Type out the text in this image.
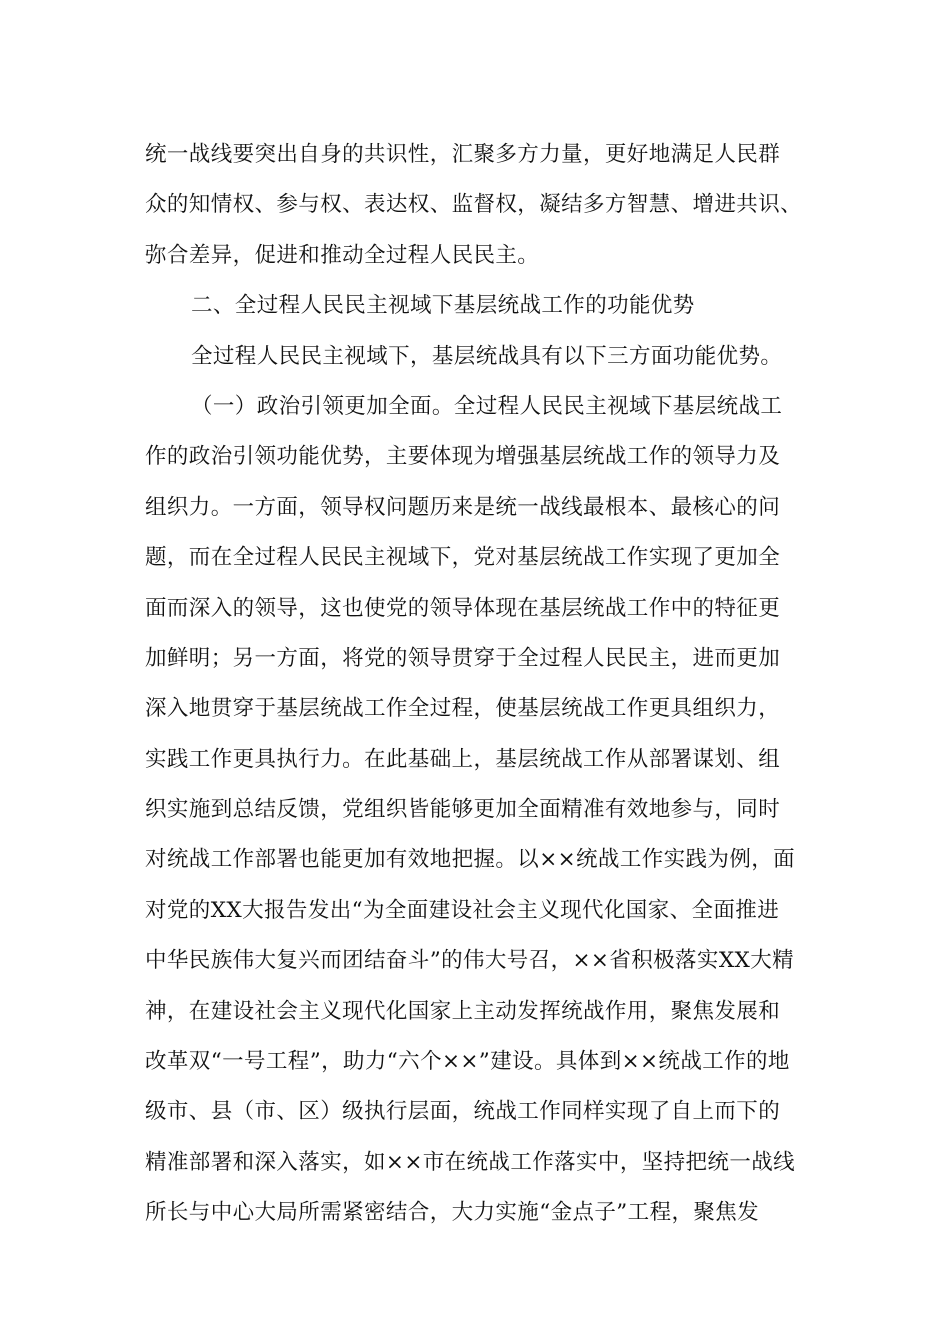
统一战线要突出自身的共识性，汇聚多方力量，更好地满足人民群
众的知情权、参与权、表达权、监督权，凝结多方智慧、增进共识、
弥合差异，促进和推动全过程人民民主。
二、全过程人民民主视域下基层统战工作的功能优势
全过程人民民主视域下，基层统战具有以下三方面功能优势。
（一）政治引领更加全面。全过程人民民主视域下基层统战工
作的政治引领功能优势，主要体现为增强基层统战工作的领导力及
组织力。一方面，领导权问题历来是统一战线最根本、最核心的问
题，而在全过程人民民主视域下，党对基层统战工作实现了更加全
面而深入的领导，这也使党的领导体现在基层统战工作中的特征更
加鲜明；另一方面，将党的领导贯穿于全过程人民民主，进而更加
深入地贯穿于基层统战工作全过程，使基层统战工作更具组织力，
实践工作更具执行力。在此基础上，基层统战工作从部署谋划、组
织实施到总结反馈，党组织皆能够更加全面精准有效地参与，同时
对统战工作部署也能更加有效地把握。以××统战工作实践为例，面
对党的XX大报告发出“为全面建设社会主义现代化国家、全面推进
中华民族伟大复兴而团结奋斗”的伟大号召，××省积极落实XX大精
神，在建设社会主义现代化国家上主动发挥统战作用，聚焦发展和
改革双“一号工程”，助力“六个××”建设。具体到××统战工作的地
级市、县（市、区）级执行层面，统战工作同样实现了自上而下的
精准部署和深入落实，如××市在统战工作落实中，坚持把统一战线
所长与中心大局所需紧密结合，大力实施“金点子”工程，聚焦发
